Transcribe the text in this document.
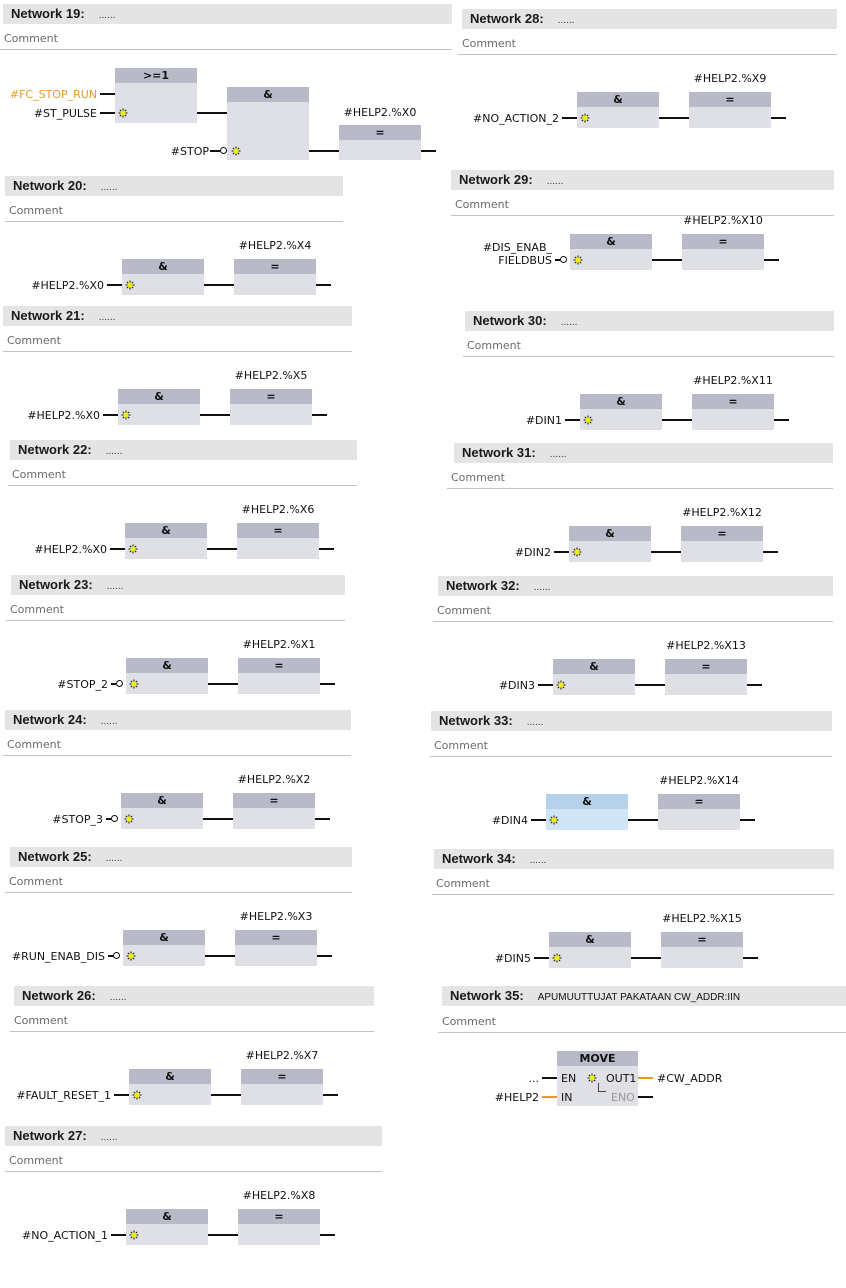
Network 19: ......
Comment
>=1
#FC_STOP_RUN
#ST_PULSE
&
#STOP
=
#HELP2.%X0
Network 20: ......
Comment
&	=
#HELP2.%X0
#HELP2.%X4
Network 21: ......
Comment
&	=
#HELP2.%X0
#HELP2.%X5
Network 22: ......
Comment
&	=
#HELP2.%X0
#HELP2.%X6
Network 23: ......
Comment
&	=
#STOP_2
#HELP2.%X1
Network 24: ......
Comment
&	=
#STOP_3
#HELP2.%X2
Network 25: ......
Comment
&	=
#RUN_ENAB_DIS
#HELP2.%X3
Network 26: ......
Comment
&	=
#FAULT_RESET_1
#HELP2.%X7
Network 27: ......
Comment
&	=
#NO_ACTION_1
#HELP2.%X8
Network 28: ......
Comment
&	=
#NO_ACTION_2
#HELP2.%X9
Network 29: ......
Comment
&	=
#DIS_ENAB_
FIELDBUS
#HELP2.%X10
Network 30: ......
Comment
&	=
#DIN1
#HELP2.%X11
Network 31: ......
Comment
&	=
#DIN2
#HELP2.%X12
Network 32: ......
Comment
&	=
#DIN3
#HELP2.%X13
Network 33: ......
Comment
&	=
#DIN4
#HELP2.%X14
Network 34: ......
Comment
&	=
#DIN5
#HELP2.%X15
Network 35: APUMUUTTUJAT PAKATAAN CW_ADDR:IIN
Comment
MOVE
EN
IN
OUT1
ENO
...
#HELP2
#CW_ADDR
